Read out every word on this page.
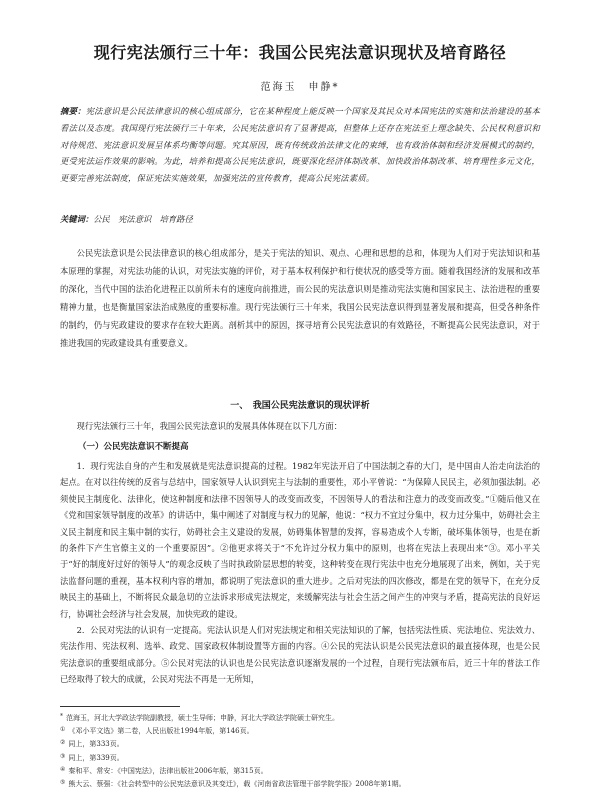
现行宪法颁行三十年：我国公民宪法意识现状及培育路径
范海玉　申静*
摘要：宪法意识是公民法律意识的核心组成部分，它在某种程度上能反映一个国家及其民众对本国宪法的实施和法治建设的基本看法以及态度。我国现行宪法颁行三十年来，公民宪法意识有了显著提高，但整体上还存在宪法至上理念缺失、公民权利意识和对待规范、宪法意识发展呈体系均衡等问题。究其原因，既有传统政治法律文化的束缚，也有政治体制和经济发展模式的制约，更受宪法运作效果的影响。为此，培养和提高公民宪法意识，既要深化经济体制改革、加快政治体制改革、培育理性多元文化，更要完善宪法制度，保证宪法实施效果，加强宪法的宣传教育，提高公民宪法素质。
关键词：公民　宪法意识　培育路径
公民宪法意识是公民法律意识的核心组成部分，是关于宪法的知识、观点、心理和思想的总和，体现为人们对于宪法知识和基本原理的掌握，对宪法功能的认识，对宪法实施的评价，对于基本权利保护和行使状况的感受等方面。随着我国经济的发展和改革的深化，当代中国的法治化进程正以前所未有的速度向前推进，而公民的宪法意识则是推动宪法实施和国家民主、法治进程的重要精神力量，也是衡量国家法治成熟度的重要标准。现行宪法颁行三十年来，我国公民宪法意识得到显著发展和提高，但受各种条件的制约，仍与宪政建设的要求存在较大距离。剖析其中的原因，探寻培育公民宪法意识的有效路径，不断提高公民宪法意识，对于推进我国的宪政建设具有重要意义。
一、　我国公民宪法意识的现状评析
现行宪法颁行三十年，我国公民宪法意识的发展具体体现在以下几方面：
（一）公民宪法意识不断提高

1．现行宪法自身的产生和发展就是宪法意识提高的过程。1982年宪法开启了中国法制之春的大门，是中国由人治走向法治的起点。在对以往传统的反省与总结中，国家领导人认识到宪主与法制的重要性，邓小平曾说：“为保障人民民主，必须加强法制。必须使民主制度化、法律化，使这种制度和法律不因领导人的改变而改变，不因领导人的看法和注意力的改变而改变。”①随后他又在《党和国家领导制度的改革》的讲话中，集中阐述了对制度与权力的见解，他说：“权力不宜过分集中，权力过分集中，妨碍社会主义民主制度和民主集中制的实行，妨碍社会主义建设的发展，妨碍集体智慧的发挥，容易造成个人专断，破坏集体领导，也是在新的条件下产生官僚主义的一个重要原因”。②他更求将关于“不允许过分权力集中的原则，也将在宪法上表现出来”③。邓小平关于“好的制度好过好的领导人”的观念反映了当时执政阶层思想的转变，这种转变在现行宪法中也充分地展现了出来，例如，关于宪法监督问题的重视，基本权利内容的增加，都说明了宪法意识的重大进步。之后对宪法的四次修改，都是在党的领导下，在充分反映民主的基础上，不断将民众最急切的立法诉求形成宪法规定，来缓解宪法与社会生活之间产生的冲突与矛盾，提高宪法的良好运行，协调社会经济与社会发展，加快宪政的建设。

2．公民对宪法的认识有一定提高。宪法认识是人们对宪法规定和相关宪法知识的了解，包括宪法性质、宪法地位、宪法效力、宪法作用、宪法权利、选举、政党、国家政权体制设置等方面的内容。④公民的宪法认识是公民宪法意识的最直接体现，也是公民宪法意识的重要组成部分。⑤公民对宪法的认识也是公民宪法意识逐渐发展的一个过程，自现行宪法颁布后，近三十年的普法工作已经取得了较大的成就，公民对宪法不再是一无所知，

* 范海玉，河北大学政法学院副教授，硕士生导师；申静，河北大学政法学院硕士研究生。
① 《邓小平文选》第二卷，人民出版社1994年版，第146页。
② 同上，第333页。
③ 同上，第339页。
④ 秦和平、常安：《中国宪法》，法律出版社2006年版，第315页。
⑤ 熊大云、蔡强：《社会转型中的公民宪法意识及其变迁》，载《河南省政法管理干部学院学报》2008年第1期。
